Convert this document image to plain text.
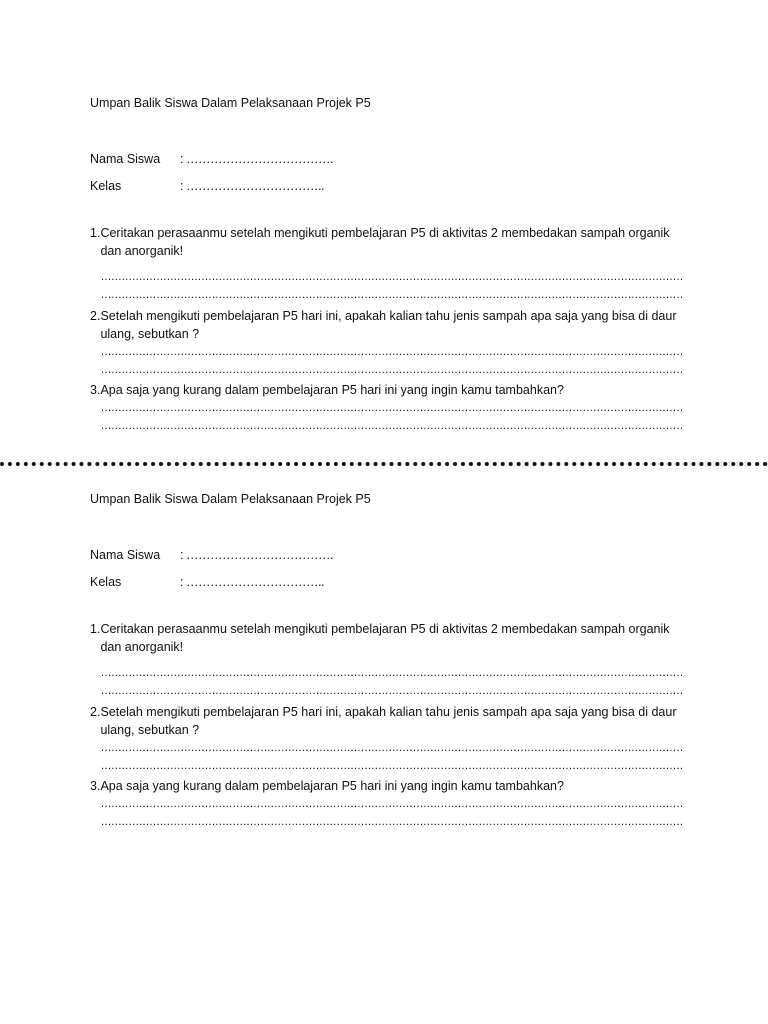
Umpan Balik Siswa Dalam Pelaksanaan Projek P5

Nama Siswa	: ……………………………….
Kelas	: ……………………………..
1. Ceritakan perasaanmu setelah mengikuti pembelajaran P5 di aktivitas 2 membedakan sampah organik dan anorganik!
……………………………………………………………………………………………………………………………………………………
……………………………………………………………………………………………………………………………………………………
2. Setelah mengikuti pembelajaran P5 hari ini, apakah kalian tahu jenis sampah apa saja yang bisa di daur ulang, sebutkan ?
……………………………………………………………………………………………………………………………………………………
……………………………………………………………………………………………………………………………………………………
3. Apa saja yang kurang dalam pembelajaran P5 hari ini yang ingin kamu tambahkan?
……………………………………………………………………………………………………………………………………………………
……………………………………………………………………………………………………………………………………………………

Umpan Balik Siswa Dalam Pelaksanaan Projek P5

Nama Siswa	: ……………………………….
Kelas	: ……………………………..
1. Ceritakan perasaanmu setelah mengikuti pembelajaran P5 di aktivitas 2 membedakan sampah organik dan anorganik!
……………………………………………………………………………………………………………………………………………………
……………………………………………………………………………………………………………………………………………………
2. Setelah mengikuti pembelajaran P5 hari ini, apakah kalian tahu jenis sampah apa saja yang bisa di daur ulang, sebutkan ?
……………………………………………………………………………………………………………………………………………………
……………………………………………………………………………………………………………………………………………………
3. Apa saja yang kurang dalam pembelajaran P5 hari ini yang ingin kamu tambahkan?
……………………………………………………………………………………………………………………………………………………
……………………………………………………………………………………………………………………………………………………
